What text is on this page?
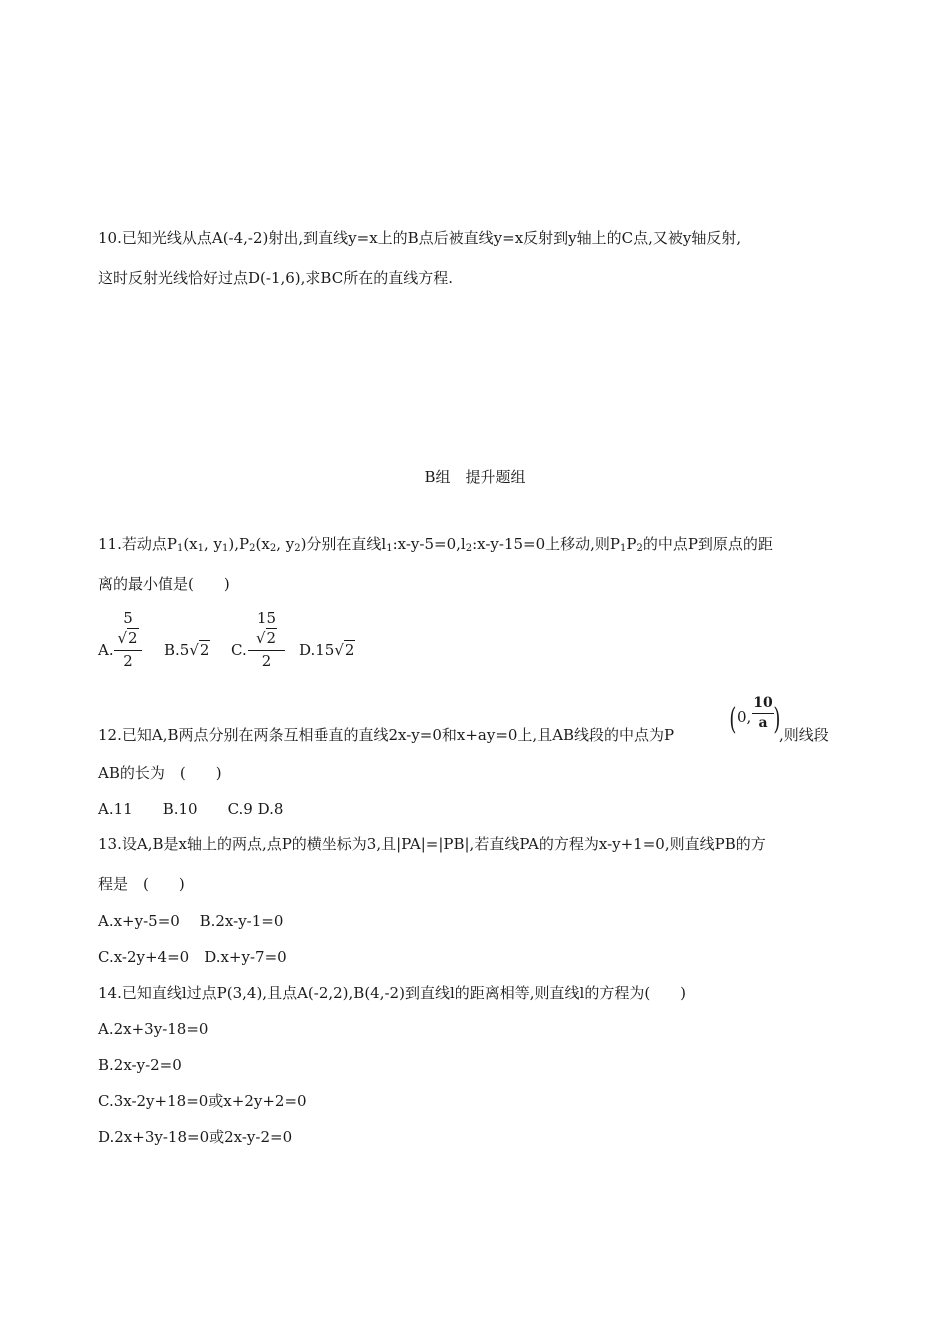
10.已知光线从点A(-4,-2)射出,到直线y=x上的B点后被直线y=x反射到y轴上的C点,又被y轴反射,
这时反射光线恰好过点D(-1,6),求BC所在的直线方程.
B组　提升题组
11.若动点$P_1(x_1$, $y_1),P_2(x_2$, $y_2$)分别在直线$l_1:x-y-5=0,l_2:x-y-15=0$上移动,则$P_1P_2$的中点P到原点的距
离的最小值是(　　)
A.
5√2
2
B.5√2 C.
15√2
2
D.15√2
12.已知A,B两点分别在两条互相垂直的直线2x-y=0和x+ay=0上,且AB线段的中点为P ( 0,
10
a )
,则线段
AB的长为　(　　)
A.11　　B.10　　C.9 D.8
13.设A,B是x轴上的两点,点P的横坐标为3,且|PA|=|PB|,若直线PA的方程为x-y+1=0,则直线PB的方
程是　(　　)
A.x+y-5=0　 B.2x-y-1=0
C.x-2y+4=0　D.x+y-7=0
14.已知直线l过点P(3,4),且点A(-2,2),B(4,-2)到直线l的距离相等,则直线l的方程为(　　)
A.2x+3y-18=0
B.2x-y-2=0
C.3x-2y+18=0或x+2y+2=0
D.2x+3y-18=0或2x-y-2=0
